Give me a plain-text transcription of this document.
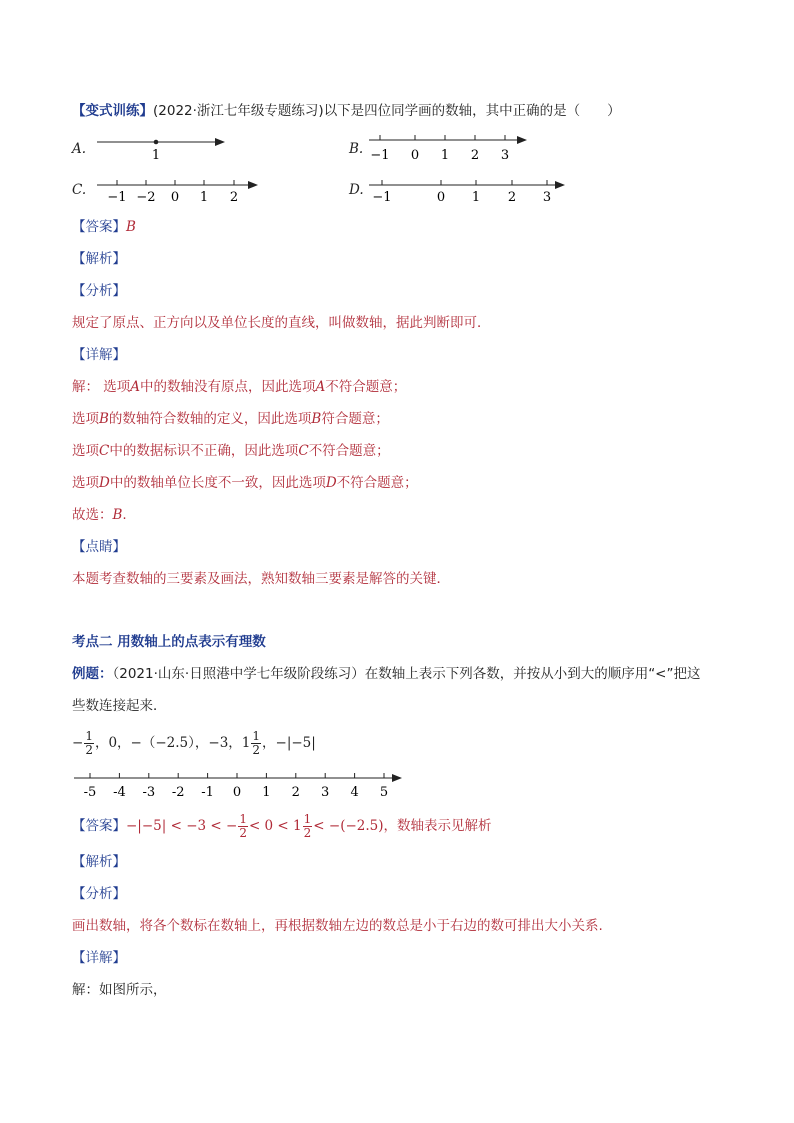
【变式训练】(2022·浙江七年级专题练习)以下是四位同学画的数轴，其中正确的是（　　）
A.	1	B. −1 0 1 2 3
C. −1 −2 0 1 2	D. −1	0 1 2 3
【答案】B
【解析】
【分析】
规定了原点、正方向以及单位长度的直线，叫做数轴，据此判断即可．
【详解】
解： 选项A中的数轴没有原点，因此选项A不符合题意；
选项B的数轴符合数轴的定义，因此选项B符合题意；
选项C中的数据标识不正确，因此选项C不符合题意；
选项D中的数轴单位长度不一致，因此选项D不符合题意；
故选：B.
【点睛】
本题考查数轴的三要素及画法，熟知数轴三要素是解答的关键．
考点二 用数轴上的点表示有理数
例题：（2021·山东·日照港中学七年级阶段练习）在数轴上表示下列各数，并按从小到大的顺序用“<”把这
些数连接起来．
− $\frac{1}{2}$ ，0，−（−2.5），−3，$1 \frac{1}{2}$ ，−|−5|
-5 -4 -3 -2 -1 0 1 2 3 4 5
【答案】−|−5| < −3 < − $\frac{1}{2} < 0 < 1 \frac{1}{2} < -(-2.5)$，数轴表示见解析
【解析】
【分析】
画出数轴，将各个数标在数轴上，再根据数轴左边的数总是小于右边的数可排出大小关系.
【详解】
解：如图所示，
